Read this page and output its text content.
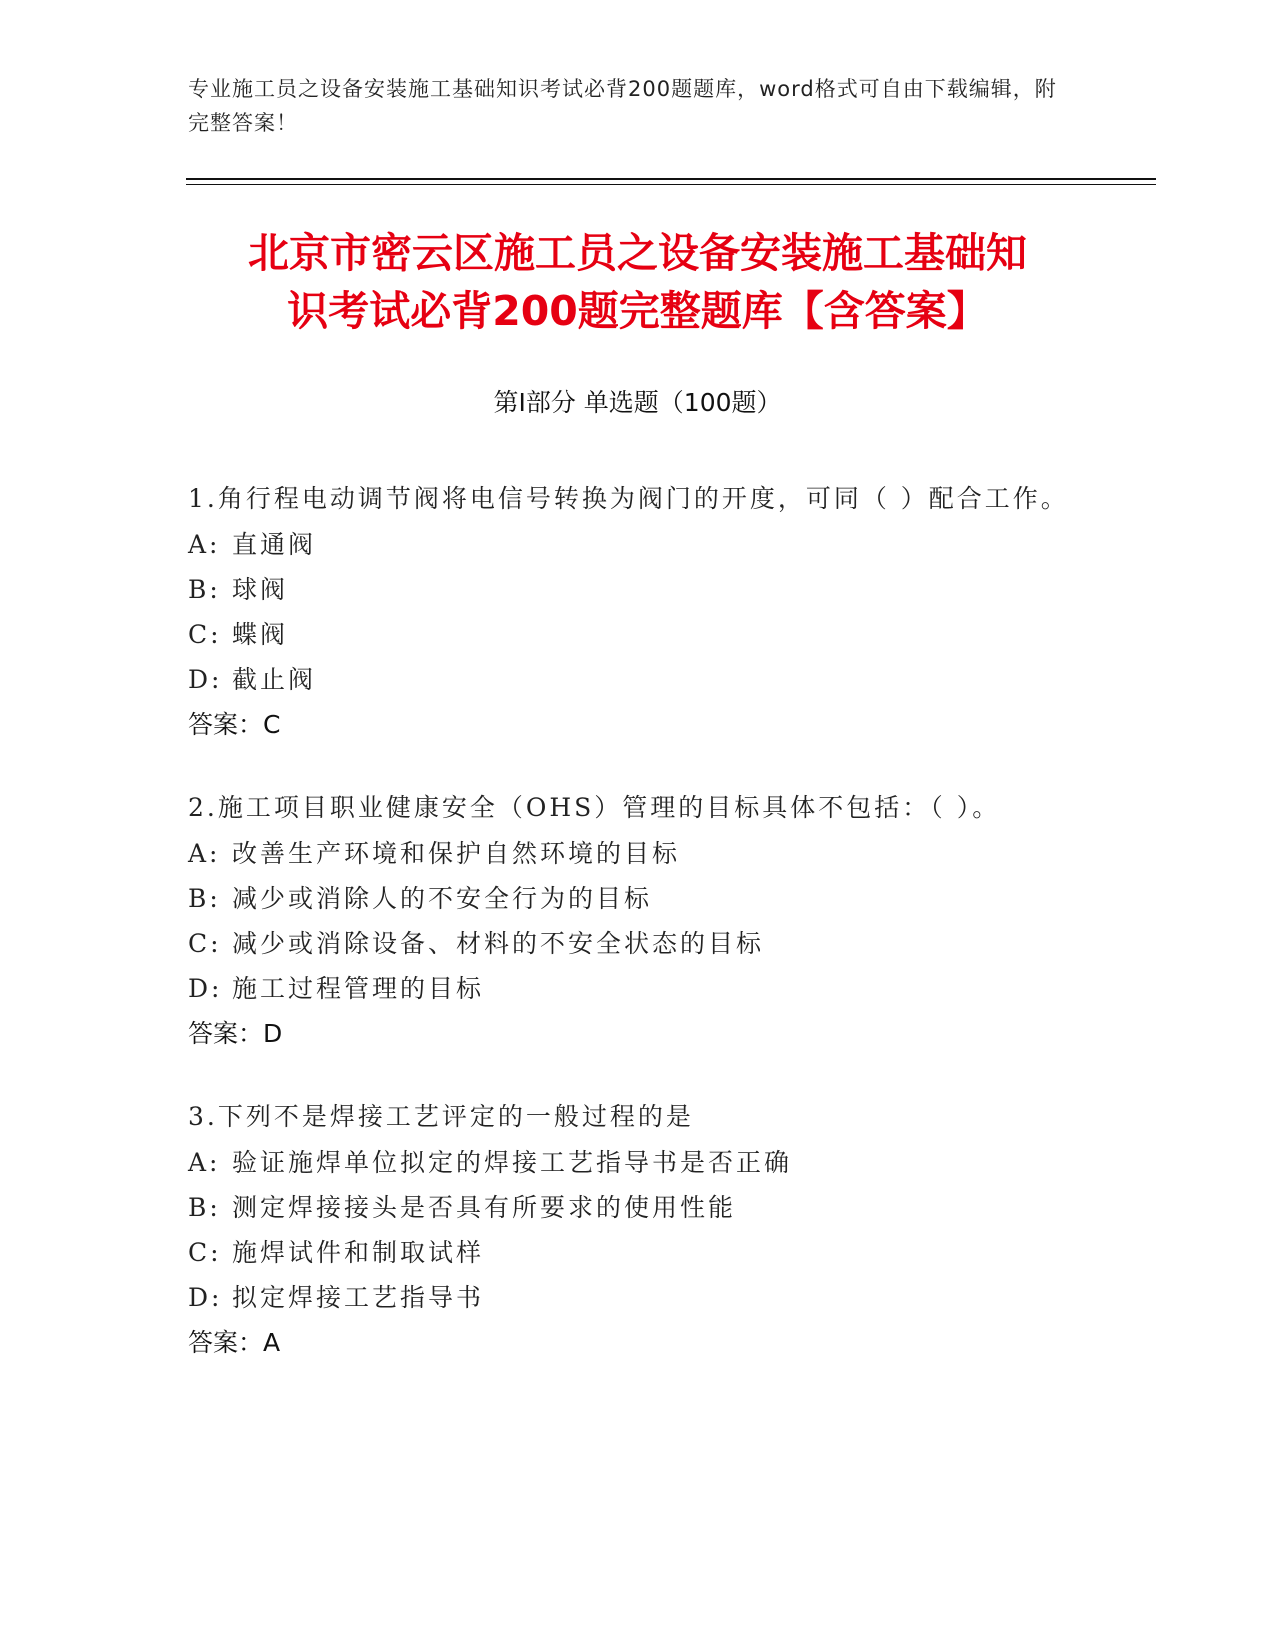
专业施工员之设备安装施工基础知识考试必背200题题库，word格式可自由下载编辑，附完整答案！
北京市密云区施工员之设备安装施工基础知
识考试必背200题完整题库【含答案】
第Ⅰ部分 单选题（100题）
1.角行程电动调节阀将电信号转换为阀门的开度，可同（ ）配合工作。
A: 直通阀
B: 球阀
C: 蝶阀
D: 截止阀
答案：C
2.施工项目职业健康安全（OHS）管理的目标具体不包括：（ ）。
A: 改善生产环境和保护自然环境的目标
B: 减少或消除人的不安全行为的目标
C: 减少或消除设备、材料的不安全状态的目标
D: 施工过程管理的目标
答案：D
3.下列不是焊接工艺评定的一般过程的是
A: 验证施焊单位拟定的焊接工艺指导书是否正确
B: 测定焊接接头是否具有所要求的使用性能
C: 施焊试件和制取试样
D: 拟定焊接工艺指导书
答案：A
